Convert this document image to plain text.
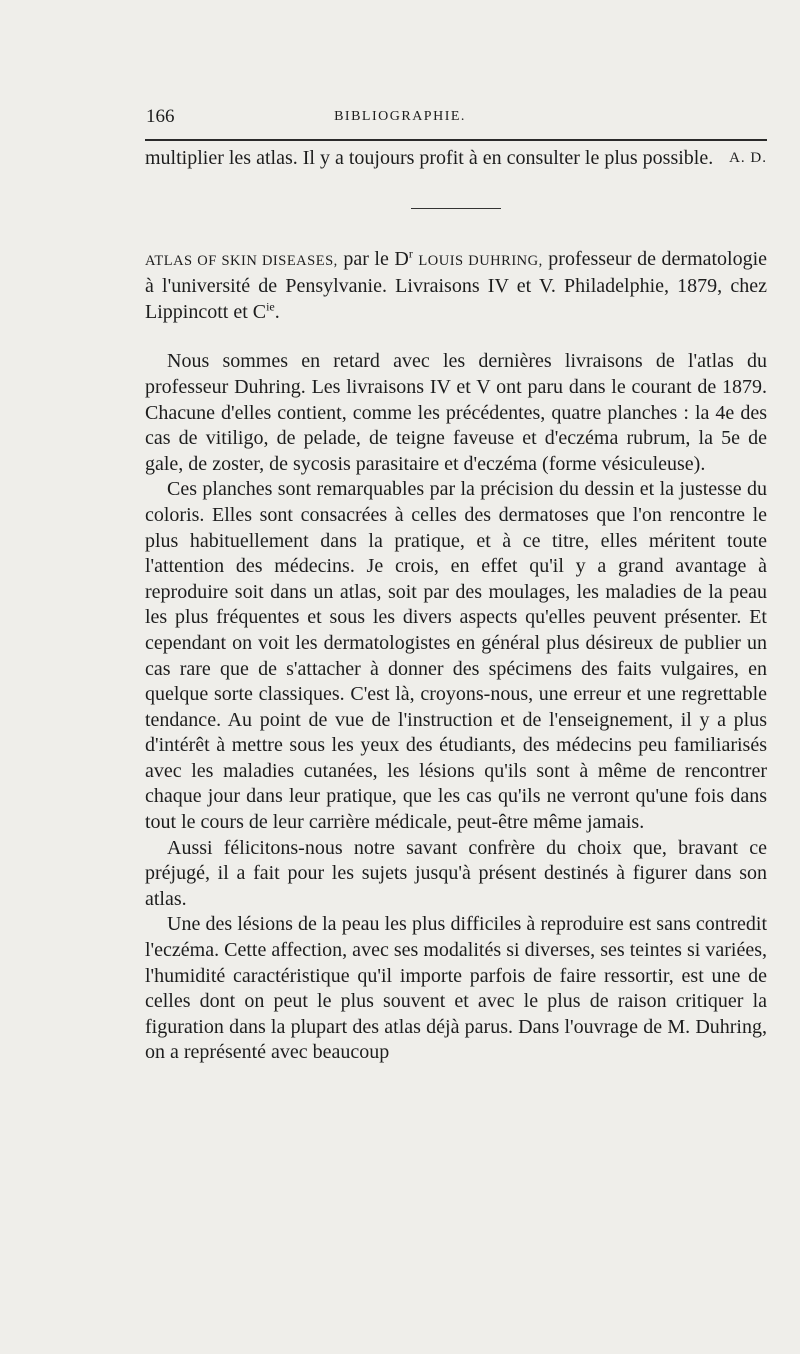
166	BIBLIOGRAPHIE.

multiplier les atlas. Il y a toujours profit à en consulter le plus possible.	A. D.

ATLAS OF SKIN DISEASES, par le $D^r$ LOUIS DUHRING, professeur de dermatologie à l'université de Pensylvanie. Livraisons IV et V. Philadelphie, 1879, chez Lippincott et $C^{ie}$.

Nous sommes en retard avec les dernières livraisons de l'atlas du professeur Duhring. Les livraisons IV et V ont paru dans le courant de 1879. Chacune d'elles contient, comme les précédentes, quatre planches : la 4e des cas de vitiligo, de pelade, de teigne faveuse et d'eczéma rubrum, la 5e de gale, de zoster, de sycosis parasitaire et d'eczéma (forme vésiculeuse).

Ces planches sont remarquables par la précision du dessin et la justesse du coloris. Elles sont consacrées à celles des dermatoses que l'on rencontre le plus habituellement dans la pratique, et à ce titre, elles méritent toute l'attention des médecins. Je crois, en effet qu'il y a grand avantage à reproduire soit dans un atlas, soit par des moulages, les maladies de la peau les plus fréquentes et sous les divers aspects qu'elles peuvent présenter. Et cependant on voit les dermatologistes en général plus désireux de publier un cas rare que de s'attacher à donner des spécimens des faits vulgaires, en quelque sorte classiques. C'est là, croyons-nous, une erreur et une regrettable tendance. Au point de vue de l'instruction et de l'enseignement, il y a plus d'intérêt à mettre sous les yeux des étudiants, des médecins peu familiarisés avec les maladies cutanées, les lésions qu'ils sont à même de rencontrer chaque jour dans leur pratique, que les cas qu'ils ne verront qu'une fois dans tout le cours de leur carrière médicale, peut-être même jamais.

Aussi félicitons-nous notre savant confrère du choix que, bravant ce préjugé, il a fait pour les sujets jusqu'à présent destinés à figurer dans son atlas.

Une des lésions de la peau les plus difficiles à reproduire est sans contredit l'eczéma. Cette affection, avec ses modalités si diverses, ses teintes si variées, l'humidité caractéristique qu'il importe parfois de faire ressortir, est une de celles dont on peut le plus souvent et avec le plus de raison critiquer la figuration dans la plupart des atlas déjà parus. Dans l'ouvrage de M. Duhring, on a représenté avec beaucoup
